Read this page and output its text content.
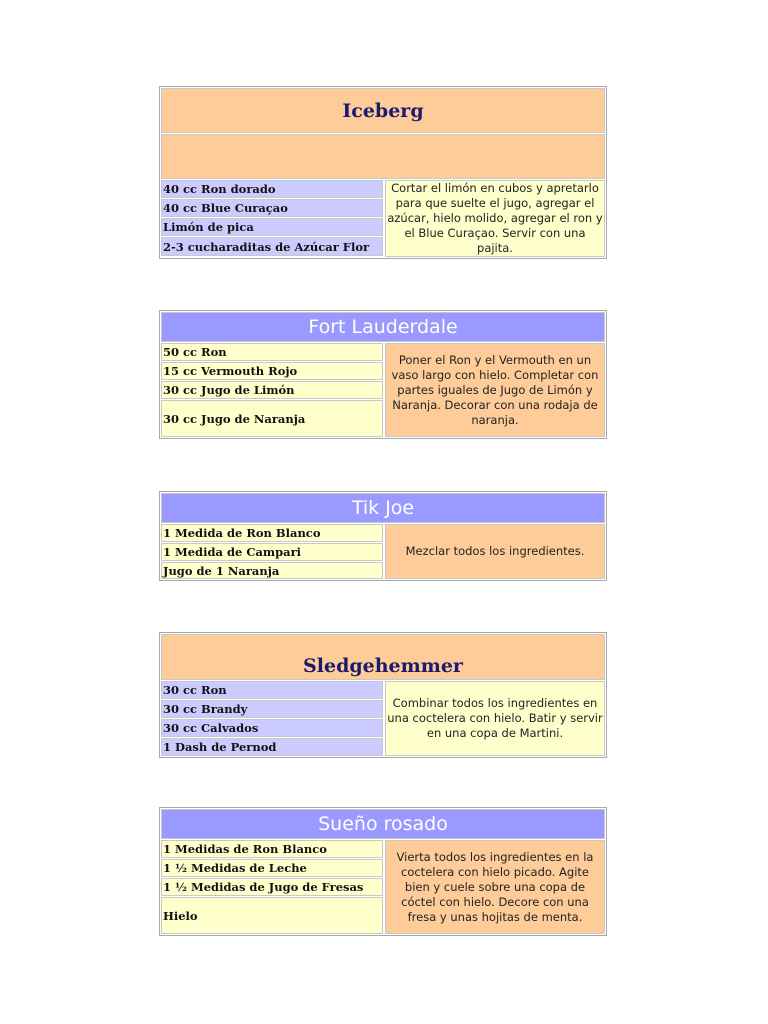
Iceberg
40 cc Ron dorado
40 cc Blue Curaçao
Limón de pica
2-3 cucharaditas de Azúcar Flor
Cortar el limón en cubos y apretarlo para que suelte el jugo, agregar el azúcar, hielo molido, agregar el ron y el Blue Curaçao. Servir con una pajita.
Fort Lauderdale
50 cc Ron
15 cc Vermouth Rojo
30 cc Jugo de Limón
30 cc Jugo de Naranja
Poner el Ron y el Vermouth en un vaso largo con hielo. Completar con partes iguales de Jugo de Limón y Naranja. Decorar con una rodaja de naranja.
Tik Joe
1 Medida de Ron Blanco
1 Medida de Campari
Jugo de 1 Naranja
Mezclar todos los ingredientes.
Sledgehemmer
30 cc Ron
30 cc Brandy
30 cc Calvados
1 Dash de Pernod
Combinar todos los ingredientes en una coctelera con hielo. Batir y servir en una copa de Martini.
Sueño rosado
1 Medidas de Ron Blanco
1 ½ Medidas de Leche
1 ½ Medidas de Jugo de Fresas
Hielo
Vierta todos los ingredientes en la coctelera con hielo picado. Agite bien y cuele sobre una copa de cóctel con hielo. Decore con una fresa y unas hojitas de menta.
